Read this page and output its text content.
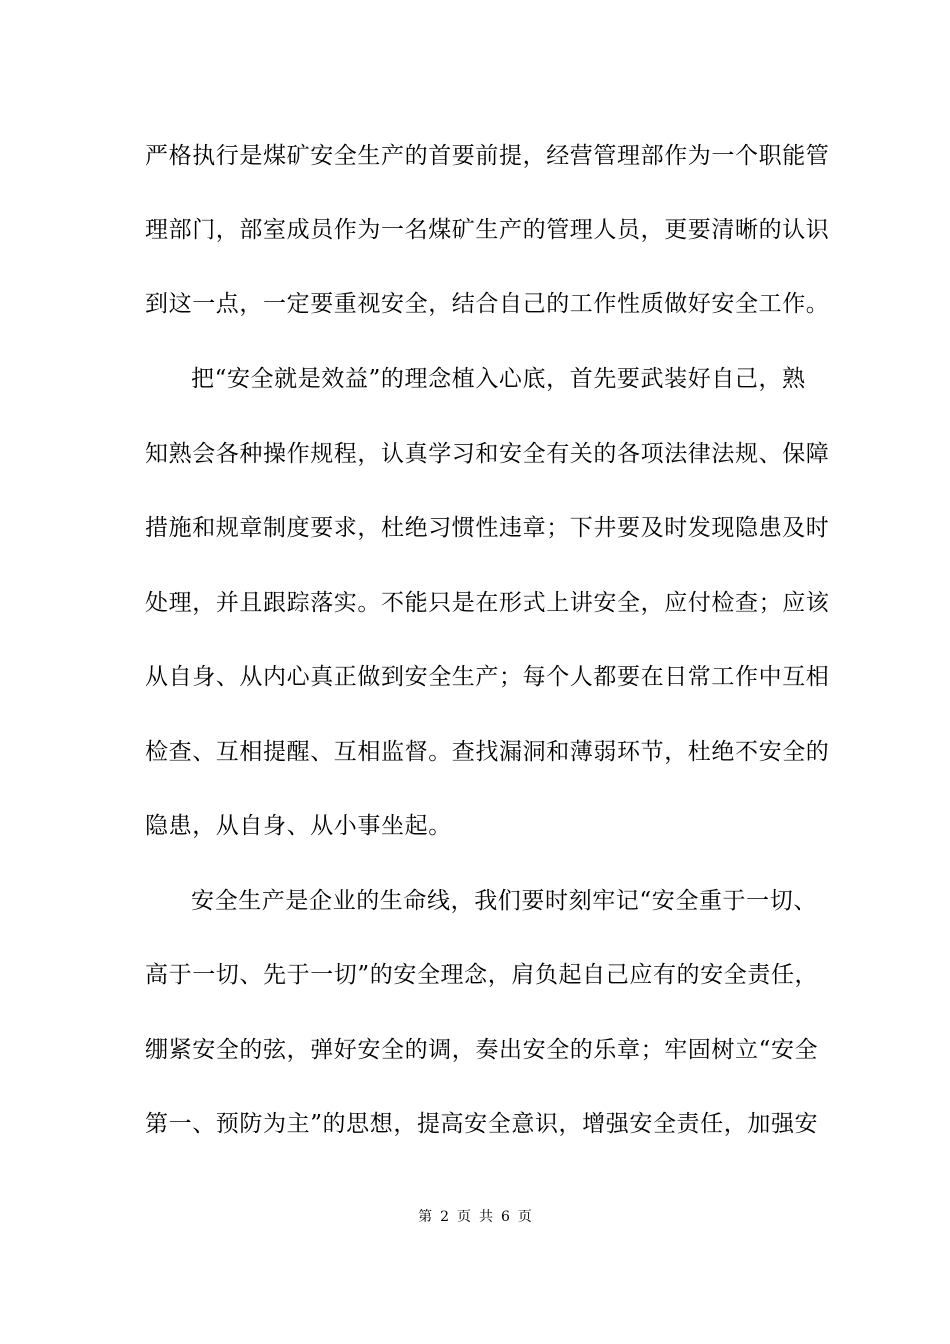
严格执行是煤矿安全生产的首要前提，经营管理部作为一个职能管
理部门，部室成员作为一名煤矿生产的管理人员，更要清晰的认识
到这一点，一定要重视安全，结合自己的工作性质做好安全工作。
把“安全就是效益”的理念植入心底，首先要武装好自己，熟
知熟会各种操作规程，认真学习和安全有关的各项法律法规、保障
措施和规章制度要求，杜绝习惯性违章；下井要及时发现隐患及时
处理，并且跟踪落实。不能只是在形式上讲安全，应付检查；应该
从自身、从内心真正做到安全生产；每个人都要在日常工作中互相
检查、互相提醒、互相监督。查找漏洞和薄弱环节，杜绝不安全的
隐患，从自身、从小事坐起。
安全生产是企业的生命线，我们要时刻牢记“安全重于一切、
高于一切、先于一切”的安全理念，肩负起自己应有的安全责任，
绷紧安全的弦，弹好安全的调，奏出安全的乐章；牢固树立“安全
第一、预防为主”的思想，提高安全意识，增强安全责任，加强安
第 2 页 共 6 页
